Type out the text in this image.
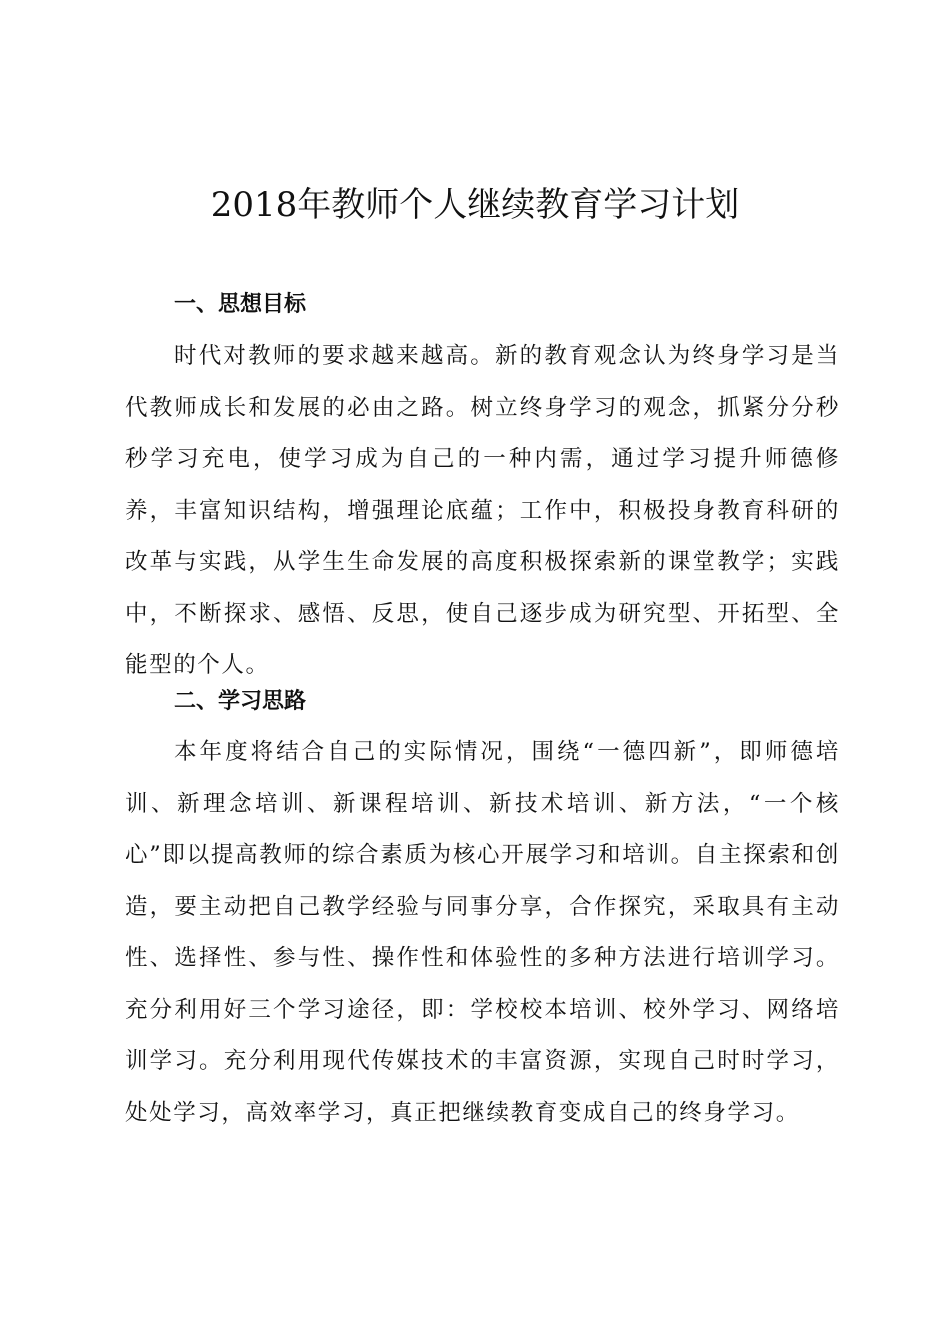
2018年教师个人继续教育学习计划
一、思想目标
时代对教师的要求越来越高。新的教育观念认为终身学习是当代教师成长和发展的必由之路。树立终身学习的观念，抓紧分分秒秒学习充电，使学习成为自己的一种内需，通过学习提升师德修养，丰富知识结构，增强理论底蕴；工作中，积极投身教育科研的改革与实践，从学生生命发展的高度积极探索新的课堂教学；实践中，不断探求、感悟、反思，使自己逐步成为研究型、开拓型、全能型的个人。
二、学习思路
本年度将结合自己的实际情况，围绕“一德四新”，即师德培训、新理念培训、新课程培训、新技术培训、新方法，“一个核心”即以提高教师的综合素质为核心开展学习和培训。自主探索和创造，要主动把自己教学经验与同事分享，合作探究，采取具有主动性、选择性、参与性、操作性和体验性的多种方法进行培训学习。充分利用好三个学习途径，即：学校校本培训、校外学习、网络培训学习。充分利用现代传媒技术的丰富资源，实现自己时时学习，处处学习，高效率学习，真正把继续教育变成自己的终身学习。
